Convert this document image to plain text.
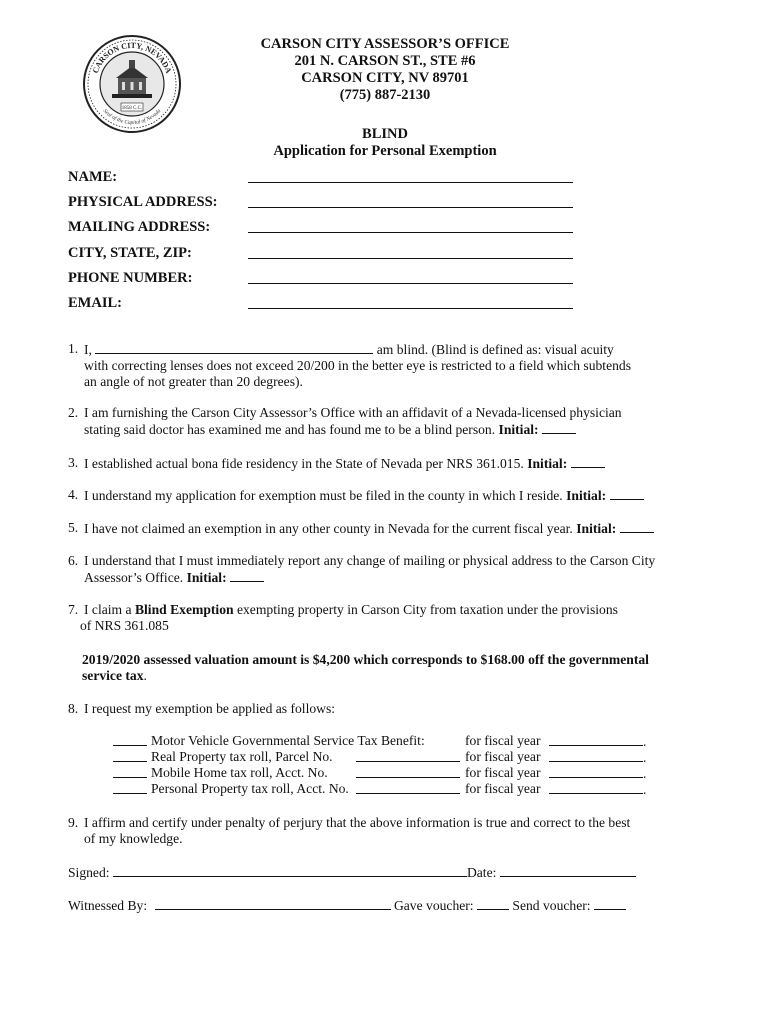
CARSON CITY, NEVADA
Seal of the Capital of Nevada
1858 C.C.
CARSON CITY ASSESSOR’S OFFICE
201 N. CARSON ST., STE #6
CARSON CITY, NV 89701
(775) 887-2130
BLIND
Application for Personal Exemption
NAME:
PHYSICAL ADDRESS:
MAILING ADDRESS:
CITY, STATE, ZIP:
PHONE NUMBER:
EMAIL:
1. I,	am blind. (Blind is defined as: visual acuity
with correcting lenses does not exceed 20/200 in the better eye is restricted to a field which subtends
an angle of not greater than 20 degrees).
2. I am furnishing the Carson City Assessor’s Office with an affidavit of a Nevada-licensed physician
stating said doctor has examined me and has found me to be a blind person. Initial:
3. I established actual bona fide residency in the State of Nevada per NRS 361.015. Initial:
4. I understand my application for exemption must be filed in the county in which I reside. Initial:
5. I have not claimed an exemption in any other county in Nevada for the current fiscal year. Initial:
6. I understand that I must immediately report any change of mailing or physical address to the Carson City
Assessor’s Office. Initial:
7. I claim a Blind Exemption exempting property in Carson City from taxation under the provisions
of NRS 361.085
2019/2020 assessed valuation amount is $4,200 which corresponds to $168.00 off the governmental
service tax.
8. I request my exemption be applied as follows:
Motor Vehicle Governmental Service Tax Benefit:	for fiscal year	.
Real Property tax roll, Parcel No.	for fiscal year	.
Mobile Home tax roll, Acct. No.	for fiscal year	.
Personal Property tax roll, Acct. No.	for fiscal year	.
9. I affirm and certify under penalty of perjury that the above information is true and correct to the best
of my knowledge.
Signed:	Date:
Witnessed By:	Gave voucher:	Send voucher:
